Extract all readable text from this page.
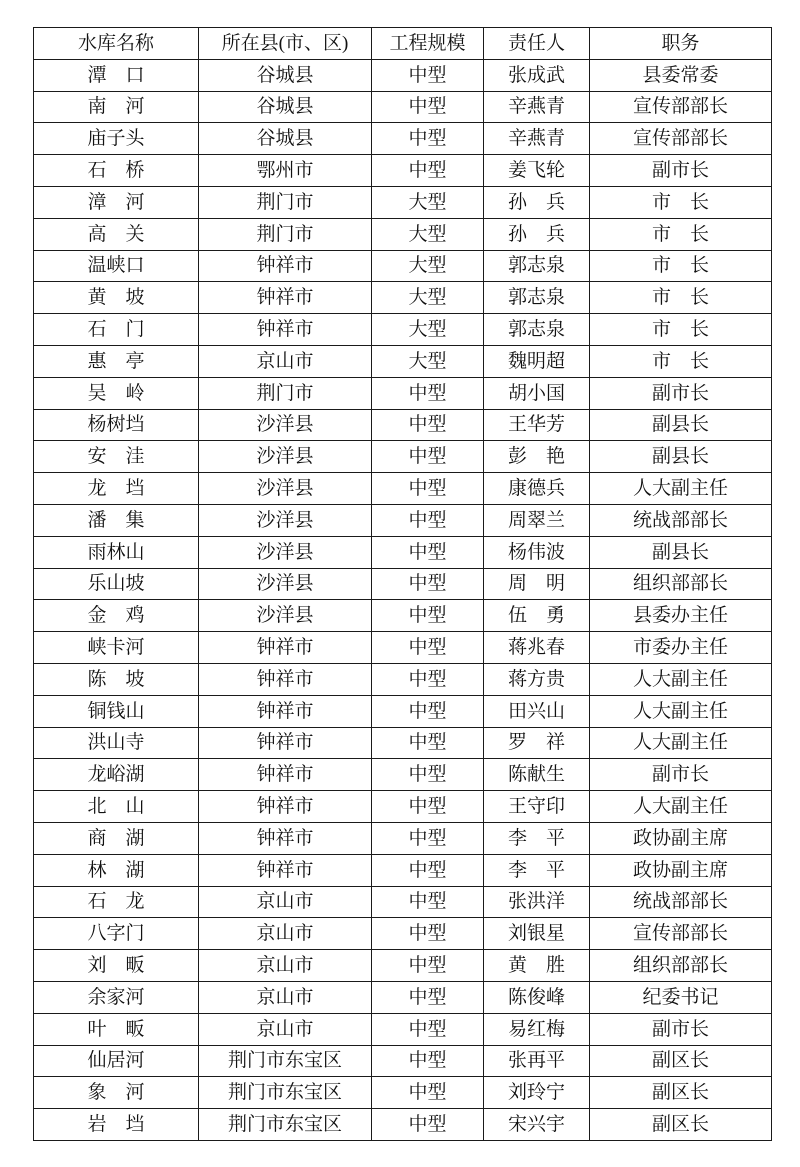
水库名称	所在县(市、区)	工程规模	责任人	职务
潭　口	谷城县	中型	张成武	县委常委
南　河	谷城县	中型	辛燕青	宣传部部长
庙子头	谷城县	中型	辛燕青	宣传部部长
石　桥	鄂州市	中型	姜飞轮	副市长
漳　河	荆门市	大型	孙　兵	市　长
高　关	荆门市	大型	孙　兵	市　长
温峡口	钟祥市	大型	郭志泉	市　长
黄　坡	钟祥市	大型	郭志泉	市　长
石　门	钟祥市	大型	郭志泉	市　长
惠　亭	京山市	大型	魏明超	市　长
吴　岭	荆门市	中型	胡小国	副市长
杨树垱	沙洋县	中型	王华芳	副县长
安　洼	沙洋县	中型	彭　艳	副县长
龙　垱	沙洋县	中型	康德兵	人大副主任
潘　集	沙洋县	中型	周翠兰	统战部部长
雨林山	沙洋县	中型	杨伟波	副县长
乐山坡	沙洋县	中型	周　明	组织部部长
金　鸡	沙洋县	中型	伍　勇	县委办主任
峡卡河	钟祥市	中型	蒋兆春	市委办主任
陈　坡	钟祥市	中型	蒋方贵	人大副主任
铜钱山	钟祥市	中型	田兴山	人大副主任
洪山寺	钟祥市	中型	罗　祥	人大副主任
龙峪湖	钟祥市	中型	陈献生	副市长
北　山	钟祥市	中型	王守印	人大副主任
商　湖	钟祥市	中型	李　平	政协副主席
林　湖	钟祥市	中型	李　平	政协副主席
石　龙	京山市	中型	张洪洋	统战部部长
八字门	京山市	中型	刘银星	宣传部部长
刘　畈	京山市	中型	黄　胜	组织部部长
余家河	京山市	中型	陈俊峰	纪委书记
叶　畈	京山市	中型	易红梅	副市长
仙居河	荆门市东宝区	中型	张再平	副区长
象　河	荆门市东宝区	中型	刘玲宁	副区长
岩　垱	荆门市东宝区	中型	宋兴宇	副区长
